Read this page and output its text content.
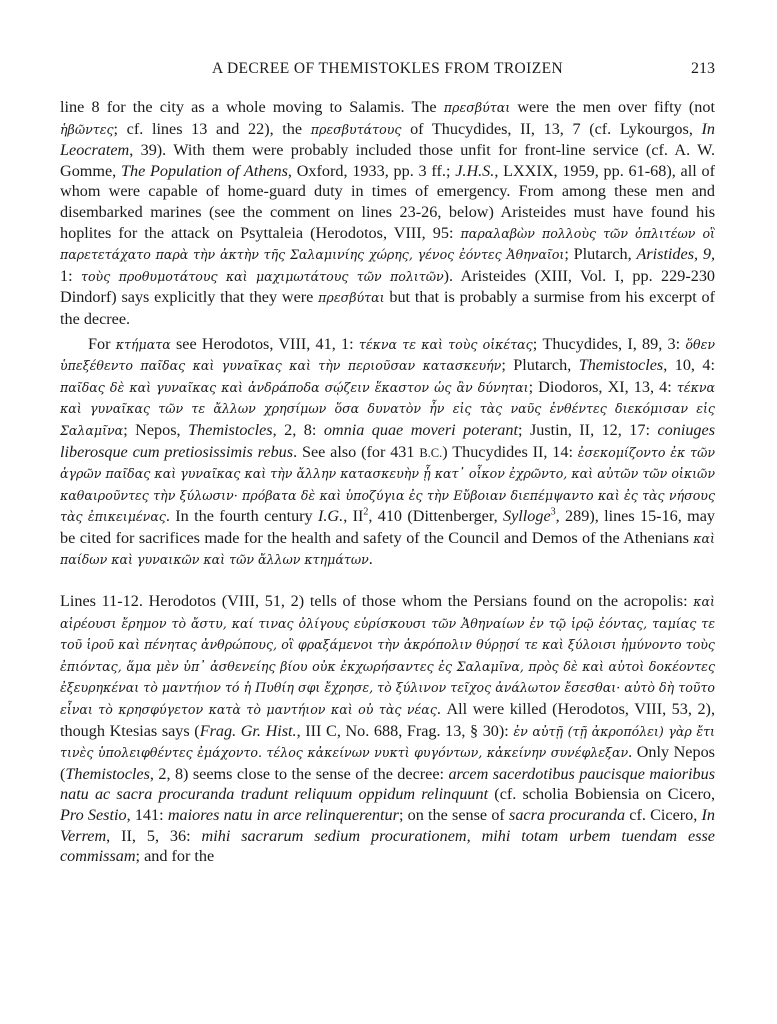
A DECREE OF THEMISTOKLES FROM TROIZEN	213

line 8 for the city as a whole moving to Salamis. The πρεσβύται were the men over fifty (not ἡβῶντες; cf. lines 13 and 22), the πρεσβυτάτους of Thucydides, II, 13, 7 (cf. Lykourgos, In Leocratem, 39). With them were probably included those unfit for front-line service (cf. A. W. Gomme, The Population of Athens, Oxford, 1933, pp. 3 ff.; J.H.S., LXXIX, 1959, pp. 61-68), all of whom were capable of home-guard duty in times of emergency. From among these men and disembarked marines (see the comment on lines 23-26, below) Aristeides must have found his hoplites for the attack on Psyttaleia (Herodotos, VIII, 95: παραλαβὼν πολλοὺς τῶν ὁπλιτέων οἳ παρετετάχατο παρὰ τὴν ἀκτὴν τῆς Σαλαμινίης χώρης, γένος ἐόντες Ἀθηναῖοι; Plutarch, Aristides, 9, 1: τοὺς προθυμοτάτους καὶ μαχιμωτάτους τῶν πολιτῶν). Aristeides (XIII, Vol. I, pp. 229-230 Dindorf) says explicitly that they were πρεσβύται but that is probably a surmise from his excerpt of the decree.

For κτήματα see Herodotos, VIII, 41, 1: τέκνα τε καὶ τοὺς οἰκέτας; Thucydides, I, 89, 3: ὅθεν ὑπεξέθεντο παῖδας καὶ γυναῖκας καὶ τὴν περιοῦσαν κατασκευήν; Plutarch, Themistocles, 10, 4: παῖδας δὲ καὶ γυναῖκας καὶ ἀνδράποδα σῴζειν ἕκαστον ὡς ἂν δύνηται; Diodoros, XI, 13, 4: τέκνα καὶ γυναῖκας τῶν τε ἄλλων χρησίμων ὅσα δυνατὸν ἦν εἰς τὰς ναῦς ἐνθέντες διεκόμισαν εἰς Σαλαμῖνα; Nepos, Themistocles, 2, 8: omnia quae moveri poterant; Justin, II, 12, 17: coniuges liberosque cum pretiosissimis rebus. See also (for 431 B.C.) Thucydides II, 14: ἐσεκομίζοντο ἐκ τῶν ἀγρῶν παῖδας καὶ γυναῖκας καὶ τὴν ἄλλην κατασκευὴν ᾗ κατ᾽ οἶκον ἐχρῶντο, καὶ αὐτῶν τῶν οἰκιῶν καθαιροῦντες τὴν ξύλωσιν· πρόβατα δὲ καὶ ὑποζύγια ἐς τὴν Εὔβοιαν διεπέμψαντο καὶ ἐς τὰς νήσους τὰς ἐπικειμένας. In the fourth century I.G., $II^2$, 410 (Dittenberger, Sylloge$^3$, 289), lines 15-16, may be cited for sacrifices made for the health and safety of the Council and Demos of the Athenians καὶ παίδων καὶ γυναικῶν καὶ τῶν ἄλλων κτημάτων.

Lines 11-12. Herodotos (VIII, 51, 2) tells of those whom the Persians found on the acropolis: καὶ αἱρέουσι ἔρημον τὸ ἄστυ, καί τινας ὀλίγους εὑρίσκουσι τῶν Ἀθηναίων ἐν τῷ ἱρῷ ἐόντας, ταμίας τε τοῦ ἱροῦ καὶ πένητας ἀνθρώπους, οἳ φραξάμενοι τὴν ἀκρόπολιν θύρῃσί τε καὶ ξύλοισι ἠμύνοντο τοὺς ἐπιόντας, ἅμα μὲν ὑπ᾽ ἀσθενείης βίου οὐκ ἐκχωρήσαντες ἐς Σαλαμῖνα, πρὸς δὲ καὶ αὐτοὶ δοκέοντες ἐξευρηκέναι τὸ μαντήιον τό ἡ Πυθίη σφι ἔχρησε, τὸ ξύλινον τεῖχος ἀνάλωτον ἔσεσθαι· αὐτὸ δὴ τοῦτο εἶναι τὸ κρησφύγετον κατὰ τὸ μαντήιον καὶ οὐ τὰς νέας. All were killed (Herodotos, VIII, 53, 2), though Ktesias says (Frag. Gr. Hist., III C, No. 688, Frag. 13, § 30): ἐν αὐτῇ (τῇ ἀκροπόλει) γὰρ ἔτι τινὲς ὑπολειφθέντες ἐμάχοντο. τέλος κἀκείνων νυκτὶ φυγόντων, κἀκείνην συνέφλεξαν. Only Nepos (Themistocles, 2, 8) seems close to the sense of the decree: arcem sacerdotibus paucisque maioribus natu ac sacra procuranda tradunt reliquum oppidum relinquunt (cf. scholia Bobiensia on Cicero, Pro Sestio, 141: maiores natu in arce relinquerentur; on the sense of sacra procuranda cf. Cicero, In Verrem, II, 5, 36: mihi sacrarum sedium procurationem, mihi totam urbem tuendam esse commissam; and for the
